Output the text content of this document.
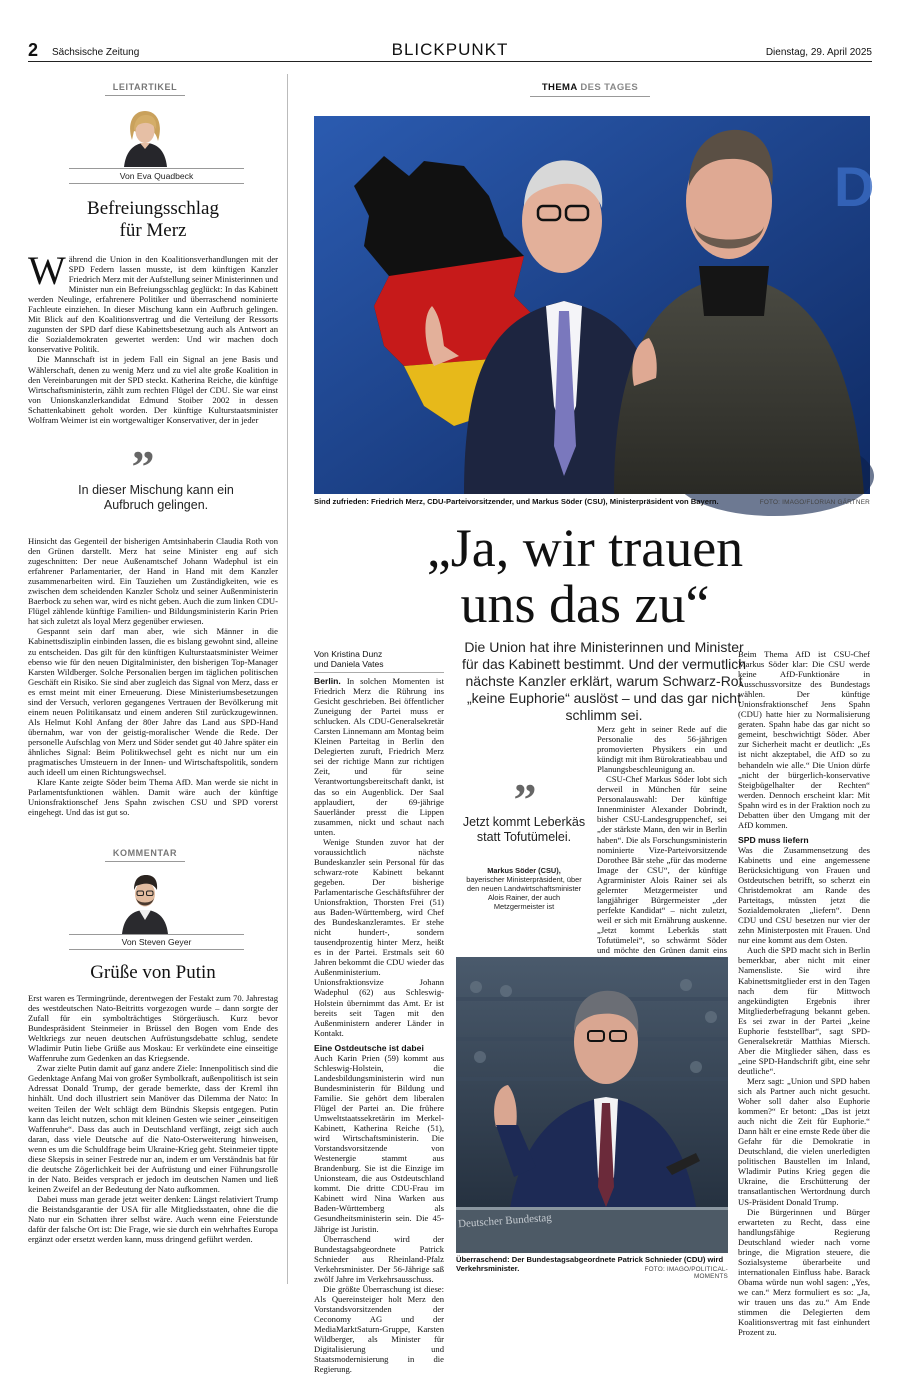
2 Sächsische Zeitung	BLICKPUNKT	Dienstag, 29. April 2025
LEITARTIKEL
Von Eva Quadbeck
Befreiungsschlag
für Merz

Während die Union in den Koalitionsverhandlungen mit der SPD Federn lassen musste, ist dem künftigen Kanzler Friedrich Merz mit der Aufstellung seiner Ministerinnen und Minister nun ein Befreiungsschlag geglückt: In das Kabinett werden Neulinge, erfahrenere Politiker und überraschend nominierte Fachleute einziehen. In dieser Mischung kann ein Aufbruch gelingen. Mit Blick auf den Koalitionsvertrag und die Verteilung der Ressorts zugunsten der SPD darf diese Kabinettsbesetzung auch als Antwort an die Sozialdemokraten gewertet werden: Und wir machen doch konservative Politik.

Die Mannschaft ist in jedem Fall ein Signal an jene Basis und Wählerschaft, denen zu wenig Merz und zu viel alte große Koalition in den Vereinbarungen mit der SPD steckt. Katherina Reiche, die künftige Wirtschaftsministerin, zählt zum rechten Flügel der CDU. Sie war einst von Unionskanzlerkandidat Edmund Stoiber 2002 in dessen Schattenkabinett geholt worden. Der künftige Kulturstaatsminister Wolfram Weimer ist ein wortgewaltiger Konservativer, der in jeder

”
In dieser Mischung kann ein Aufbruch gelingen.

Hinsicht das Gegenteil der bisherigen Amtsinhaberin Claudia Roth von den Grünen darstellt. Merz hat seine Minister eng auf sich zugeschnitten: Der neue Außenamtschef Johann Wadephul ist ein erfahrener Parlamentarier, der Hand in Hand mit dem Kanzler zusammenarbeiten wird. Ein Tauziehen um Zuständigkeiten, wie es zwischen dem scheidenden Kanzler Scholz und seiner Außenministerin Baerbock zu sehen war, wird es nicht geben. Auch die zum linken CDU-Flügel zählende künftige Familien- und Bildungsministerin Karin Prien hat sich zuletzt als loyal Merz gegenüber erwiesen.

Gespannt sein darf man aber, wie sich Männer in die Kabinettsdisziplin einbinden lassen, die es bislang gewohnt sind, alleine zu entscheiden. Das gilt für den künftigen Kulturstaatsminister Weimer ebenso wie für den neuen Digitalminister, den bisherigen Top-Manager Karsten Wildberger. Solche Personalien bergen im täglichen politischen Geschäft ein Risiko. Sie sind aber zugleich das Signal von Merz, dass er es ernst meint mit einer Erneuerung. Diese Ministeriumsbesetzungen sind der Versuch, verloren gegangenes Vertrauen der Bevölkerung mit einem neuen Politikansatz und einem anderen Stil zurückzugewinnen. Als Helmut Kohl Anfang der 80er Jahre das Land aus SPD-Hand übernahm, war von der geistig-moralischer Wende die Rede. Der personelle Aufschlag von Merz und Söder sendet gut 40 Jahre später ein ähnliches Signal: Beim Politikwechsel geht es nicht nur um ein pragmatisches Umsteuern in der Innen- und Wirtschaftspolitik, sondern auch ideell um einen Richtungswechsel.

Klare Kante zeigte Söder beim Thema AfD. Man werde sie nicht in Parlamentsfunktionen wählen. Damit wäre auch der künftige Unionsfraktionschef Jens Spahn zwischen CSU und SPD vorerst eingehegt. Und das ist gut so.

KOMMENTAR
Von Steven Geyer
Grüße von Putin

Erst waren es Termingründe, derentwegen der Festakt zum 70. Jahrestag des westdeutschen Nato-Beitritts vorgezogen wurde – dann sorgte der Zufall für ein symbolträchtiges Störgeräusch. Kurz bevor Bundespräsident Steinmeier in Brüssel den Bogen vom Ende des Weltkriegs zur neuen deutschen Aufrüstungsdebatte schlug, sendete Wladimir Putin liebe Grüße aus Moskau: Er verkündete eine einseitige Waffenruhe zum Gedenken an das Kriegsende.

Zwar zielte Putin damit auf ganz andere Ziele: Innenpolitisch sind die Gedenktage Anfang Mai von großer Symbolkraft, außenpolitisch ist sein Adressat Donald Trump, der gerade bemerkte, dass der Kreml ihn hinhält. Und doch illustriert sein Manöver das Dilemma der Nato: In weiten Teilen der Welt schlägt dem Bündnis Skepsis entgegen. Putin kann das leicht nutzen, schon mit kleinen Gesten wie seiner „einseitigen Waffenruhe“. Dass das auch in Deutschland verfängt, zeigt sich auch daran, dass viele Deutsche auf die Nato-Osterweiterung hinweisen, wenn es um die Schuldfrage beim Ukraine-Krieg geht. Steinmeier tippte diese Skepsis in seiner Festrede nur an, indem er um Verständnis bat für die deutsche Zögerlichkeit bei der Aufrüstung und einer Führungsrolle in der Nato. Beides versprach er jedoch im deutschen Namen und ließ keinen Zweifel an der Bedeutung der Nato aufkommen.

Dabei muss man gerade jetzt weiter denken: Längst relativiert Trump die Beistandsgarantie der USA für alle Mitgliedsstaaten, ohne die die Nato nur ein Schatten ihrer selbst wäre. Auch wenn eine Feierstunde dafür der falsche Ort ist: Die Frage, wie sie durch ein wehrhaftes Europa ergänzt oder ersetzt werden kann, muss dringend geführt werden.

THEMA DES TAGES
D
Sind zufrieden: Friedrich Merz, CDU-Parteivorsitzender, und Markus Söder (CSU), Ministerpräsident von Bayern.	FOTO: IMAGO/FLORIAN GÄRTNER
„Ja, wir trauen
uns das zu“
Die Union hat ihre Ministerinnen und Minister für das Kabinett bestimmt. Und der vermutlich nächste Kanzler erklärt, warum Schwarz-Rot „keine Euphorie“ auslöst – und das gar nicht schlimm sei.
Von Kristina Dunz
und Daniela Vates

Berlin. In solchen Momenten ist Friedrich Merz die Rührung ins Gesicht geschrieben. Bei öffentlicher Zuneigung der Partei muss er schlucken. Als CDU-Generalsekretär Carsten Linnemann am Montag beim Kleinen Parteitag in Berlin den Delegierten zuruft, Friedrich Merz sei der richtige Mann zur richtigen Zeit, und für seine Verantwortungsbereitschaft dankt, ist das so ein Augenblick. Der Saal applaudiert, der 69-jährige Sauerländer presst die Lippen zusammen, nickt und schaut nach unten.

Wenige Stunden zuvor hat der voraussichtlich nächste Bundeskanzler sein Personal für das schwarz-rote Kabinett bekannt gegeben. Der bisherige Parlamentarische Geschäftsführer der Unionsfraktion, Thorsten Frei (51) aus Baden-Württemberg, wird Chef des Bundeskanzleramtes. Er stehe nicht hundert-, sondern tausendprozentig hinter Merz, heißt es in der Partei. Erstmals seit 60 Jahren bekommt die CDU wieder das Außenministerium. Unionsfraktionsvize Johann Wadephul (62) aus Schleswig-Holstein übernimmt das Amt. Er ist bereits seit Tagen mit den Außenministern anderer Länder in Kontakt.

Eine Ostdeutsche ist dabei

Auch Karin Prien (59) kommt aus Schleswig-Holstein, die Landesbildungsministerin wird nun Bundesministerin für Bildung und Familie. Sie gehört dem liberalen Flügel der Partei an. Die frühere Umweltstaatssekretärin im Merkel-Kabinett, Katherina Reiche (51), wird Wirtschaftsministerin. Die Vorstandsvorsitzende von Westenergie stammt aus Brandenburg. Sie ist die Einzige im Unionsteam, die aus Ostdeutschland kommt. Die dritte CDU-Frau im Kabinett wird Nina Warken aus Baden-Württemberg als Gesundheitsministerin sein. Die 45-Jährige ist Juristin.

Überraschend wird der Bundestagsabgeordnete Patrick Schnieder aus Rheinland-Pfalz Verkehrsminister. Der 56-Jährige saß zwölf Jahre im Verkehrsausschuss.

Die größte Überraschung ist diese: Als Quereinsteiger holt Merz den Vorstandsvorsitzenden der Ceconomy AG und der MediaMarktSaturn-Gruppe, Karsten Wildberger, als Minister für Digitalisierung und Staatsmodernisierung in die Regierung.

”
Jetzt kommt Leberkäs statt Tofutümelei.
Markus Söder (CSU),
bayerischer Ministerpräsident, über den neuen Landwirtschaftsminister Alois Rainer, der auch Metzgermeister ist

Merz geht in seiner Rede auf die Personalie des 56-jährigen promovierten Physikers ein und kündigt mit ihm Bürokratieabbau und Planungsbeschleunigung an.

CSU-Chef Markus Söder lobt sich derweil in München für seine Personalauswahl: Der künftige Innenminister Alexander Dobrindt, bisher CSU-Landesgruppenchef, sei „der stärkste Mann, den wir in Berlin haben“. Die als Forschungsministerin nominierte Vize-Parteivorsitzende Dorothee Bär stehe „für das moderne Image der CSU“, der künftige Agrarminister Alois Rainer sei als gelernter Metzgermeister und langjähriger Bürgermeister „der perfekte Kandidat“ – nicht zuletzt, weil er sich mit Ernährung auskenne. „Jetzt kommt Leberkäs statt Tofutümelei“, so schwärmt Söder und möchte den Grünen damit eins

Deutscher Bundestag
Überraschend: Der Bundestagsabgeordnete Patrick Schnieder (CDU) wird Verkehrsminister.	FOTO: IMAGO/POLITICAL-MOMENTS

Beim Thema AfD ist CSU-Chef Markus Söder klar: Die CSU werde keine AfD-Funktionäre in Ausschussvorsitze des Bundestags wählen. Der künftige Unionsfraktionschef Jens Spahn (CDU) hatte hier zu Normalisierung geraten. Spahn habe das gar nicht so gemeint, beschwichtigt Söder. Aber zur Sicherheit macht er deutlich: „Es ist nicht akzeptabel, die AfD so zu behandeln wie alle.“ Die Union dürfe „nicht der bürgerlich-konservative Steigbügelhalter der Rechten“ werden. Dennoch erscheint klar: Mit Spahn wird es in der Fraktion noch zu Debatten über den Umgang mit der AfD kommen.

SPD muss liefern

Was die Zusammensetzung des Kabinetts und eine angemessene Berücksichtigung von Frauen und Ostdeutschen betrifft, so scherzt ein Christdemokrat am Rande des Parteitags, müssten jetzt die Sozialdemokraten „liefern“. Denn CDU und CSU besetzen nur vier der zehn Ministerposten mit Frauen. Und nur eine kommt aus dem Osten.

Auch die SPD macht sich in Berlin bemerkbar, aber nicht mit einer Namensliste. Sie wird ihre Kabinettsmitglieder erst in den Tagen nach dem für Mittwoch angekündigten Ergebnis ihrer Mitgliederbefragung bekannt geben. Es sei zwar in der Partei „keine Euphorie feststellbar“, sagt SPD-Generalsekretär Matthias Miersch. Aber die Mitglieder sähen, dass es „eine SPD-Handschrift gibt, eine sehr deutliche“.

Merz sagt: „Union und SPD haben sich als Partner auch nicht gesucht. Woher soll daher also Euphorie kommen?“ Er betont: „Das ist jetzt auch nicht die Zeit für Euphorie.“ Dann hält er eine ernste Rede über die Gefahr für die Demokratie in Deutschland, die vielen unerledigten politischen Baustellen im Inland, Wladimir Putins Krieg gegen die Ukraine, die Erschütterung der transatlantischen Wertordnung durch US-Präsident Donald Trump.

Die Bürgerinnen und Bürger erwarteten zu Recht, dass eine handlungsfähige Regierung Deutschland wieder nach vorne bringe, die Migration steuere, die Sozialsysteme überarbeite und internationalen Einfluss habe. Barack Obama würde nun wohl sagen: „Yes, we can.“ Merz formuliert es so: „Ja, wir trauen uns das zu.“ Am Ende stimmen die Delegierten dem Koalitionsvertrag mit fast einhundert Prozent zu.
